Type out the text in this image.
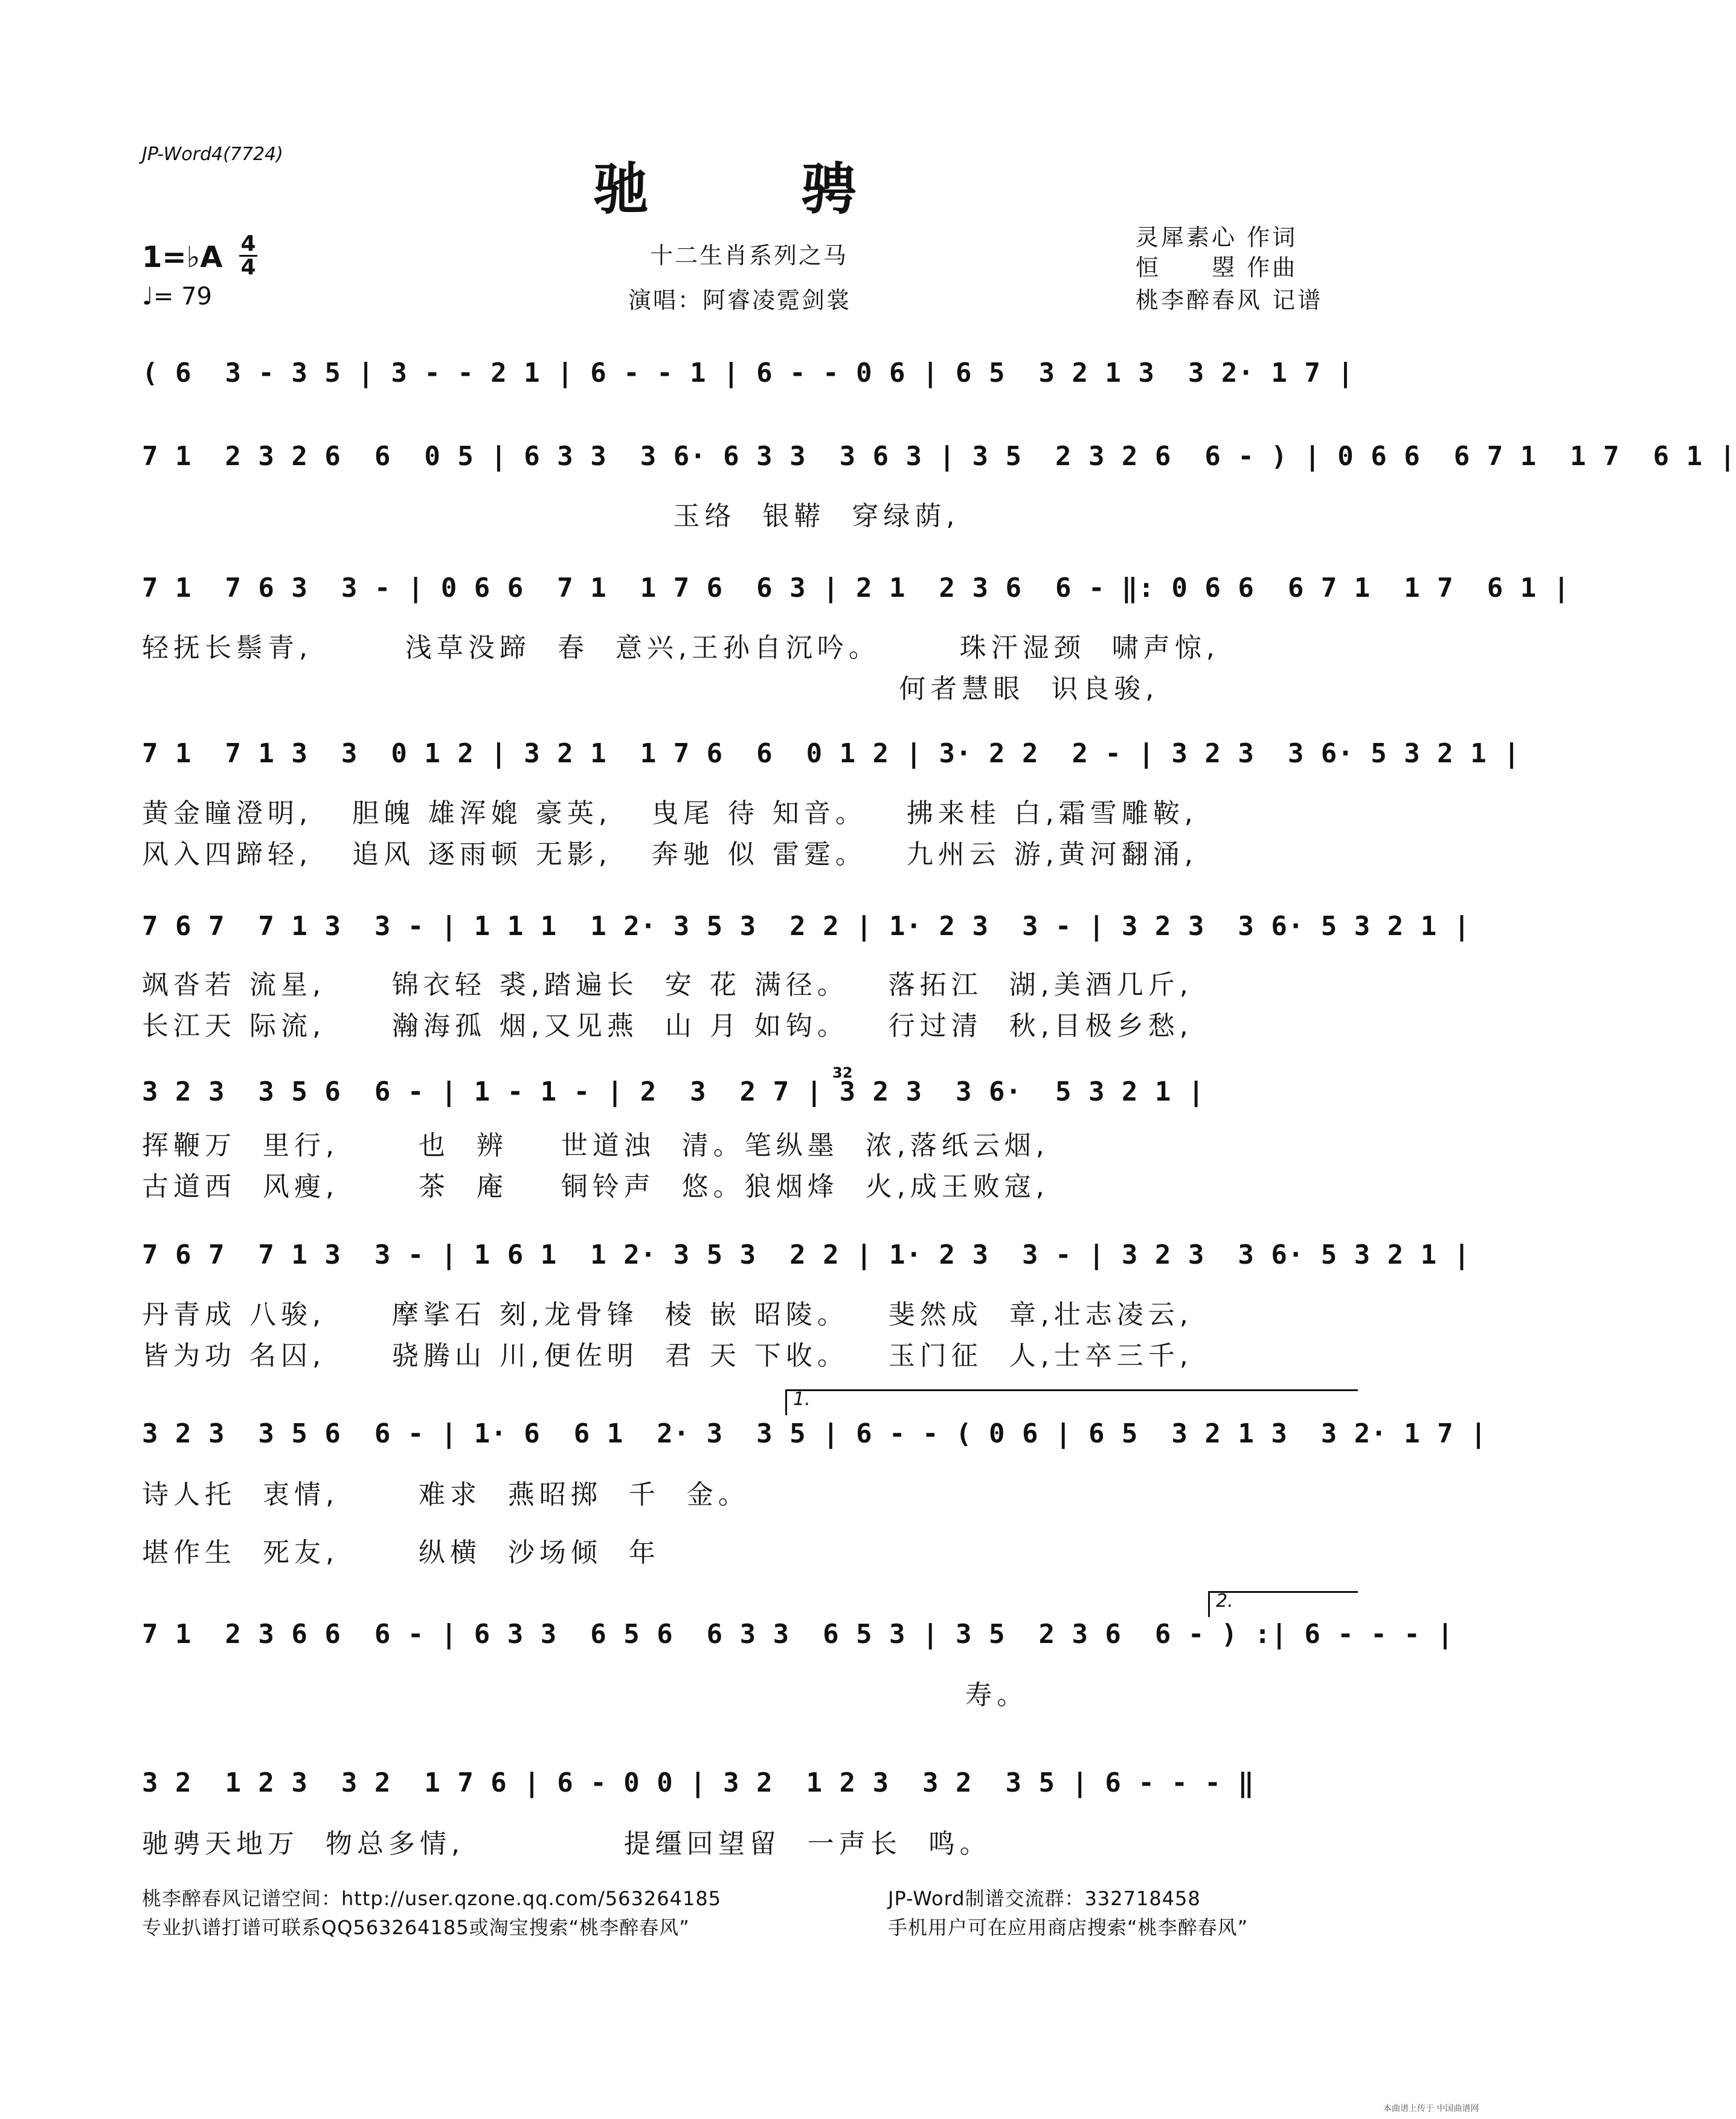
JP-Word4(7724)
驰　骋
十二生肖系列之马
演唱：阿睿凌霓剑裳
1=♭A 4
4
♩= 79
灵犀素心 作词
恒　　曌 作曲
桃李醉春风 记谱
( 6  3 - 3 5 | 3 - - 2 1 | 6 - - 1 | 6 - - 0 6 | 6 5  3 2 1 3  3 2· 1 7 |
7 1  2 3 2 6  6  0 5 | 6 3 3  3 6· 6 3 3  3 6 3 | 3 5  2 3 2 6  6 - ) | 0 6 6  6 7 1  1 7  6 1 |
玉络  银鞯  穿绿荫,
7 1  7 6 3  3 - | 0 6 6  7 1  1 7 6  6 3 | 2 1  2 3 6  6 - ‖: 0 6 6  6 7 1  1 7  6 1 |
轻抚长鬃青,       浅草没蹄  春  意兴,王孙自沉吟。      珠汗湿颈  啸声惊,
何者慧眼  识良骏,
7 1  7 1 3  3  0 1 2 | 3 2 1  1 7 6  6  0 1 2 | 3· 2 2  2 - | 3 2 3  3 6· 5 3 2 1 |
黄金瞳澄明,   胆魄 雄浑媲 豪英,   曳尾 待 知音。   拂来桂 白,霜雪雕鞍,
风入四蹄轻,   追风 逐雨顿 无影,   奔驰 似 雷霆。   九州云 游,黄河翻涌,
7 6 7  7 1 3  3 - | 1 1 1  1 2· 3 5 3  2 2 | 1· 2 3  3 - | 3 2 3  3 6· 5 3 2 1 |
飒沓若 流星,     锦衣轻 裘,踏遍长  安 花 满径。   落拓江  湖,美酒几斤,
长江天 际流,     瀚海孤 烟,又见燕  山 月 如钩。   行过清  秋,目极乡愁,
3 2 3  3 5 6  6 - | 1 - 1 - | 2  3  2 7 | 3 2 3  3 6·  5 3 2 1 |
32
挥鞭万  里行,      也  辨    世道浊  清。笔纵墨  浓,落纸云烟,
古道西  风瘦,      茶  庵    铜铃声  悠。狼烟烽  火,成王败寇,
7 6 7  7 1 3  3 - | 1 6 1  1 2· 3 5 3  2 2 | 1· 2 3  3 - | 3 2 3  3 6· 5 3 2 1 |
丹青成 八骏,     摩挲石 刻,龙骨锋  棱 嵌 昭陵。   斐然成  章,壮志凌云,
皆为功 名囚,     骁腾山 川,便佐明  君 天 下收。   玉门征  人,士卒三千,
1.
3 2 3  3 5 6  6 - | 1· 6  6 1  2· 3  3 5 | 6 - - ( 0 6 | 6 5  3 2 1 3  3 2· 1 7 |
诗人托  衷情,      难求  燕昭掷  千  金。
堪作生  死友,      纵横  沙场倾  年
2.
7 1  2 3 6 6  6 - | 6 3 3  6 5 6  6 3 3  6 5 3 | 3 5  2 3 6  6 - ) :| 6 - - - |
寿。
3 2  1 2 3  3 2  1 7 6 | 6 - 0 0 | 3 2  1 2 3  3 2  3 5 | 6 - - - ‖
驰骋天地万  物总多情,            提缰回望留  一声长  鸣。
桃李醉春风记谱空间：http://user.qzone.qq.com/563264185
专业扒谱打谱可联系QQ563264185或淘宝搜索“桃李醉春风”
JP-Word制谱交流群：332718458
手机用户可在应用商店搜索“桃李醉春风”
本曲谱上传于 中国曲谱网
